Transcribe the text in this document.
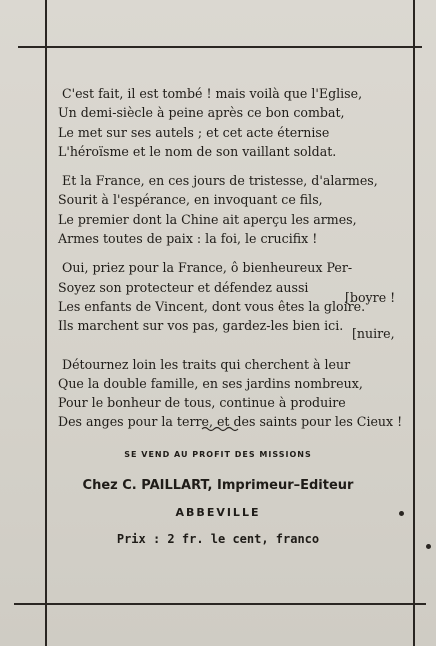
C'est fait, il est tombé ! mais voilà que l'Eglise,
Un demi-siècle à peine après ce bon combat,
Le met sur ses autels ; et cet acte éternise
L'héroïsme et le nom de son vaillant soldat.
Et la France, en ces jours de tristesse, d'alarmes,
Sourit à l'espérance, en invoquant ce fils,
Le premier dont la Chine ait aperçu les armes,
Armes toutes de paix : la foi, le crucifix !
Oui, priez pour la France, ô bienheureux Per-
Soyez son protecteur et défendez aussi
Les enfants de Vincent, dont vous êtes la gloire.
Ils marchent sur vos pas, gardez-les bien ici.
Détournez loin les traits qui cherchent à leur
Que la double famille, en ses jardins nombreux,
Pour le bonheur de tous, continue à produire
Des anges pour la terre, et des saints pour les Cieux !
[boyre !
[nuire,
SE VEND AU PROFIT DES MISSIONS
Chez C. PAILLART, Imprimeur–Editeur
ABBEVILLE
Prix : 2 fr. le cent, franco
